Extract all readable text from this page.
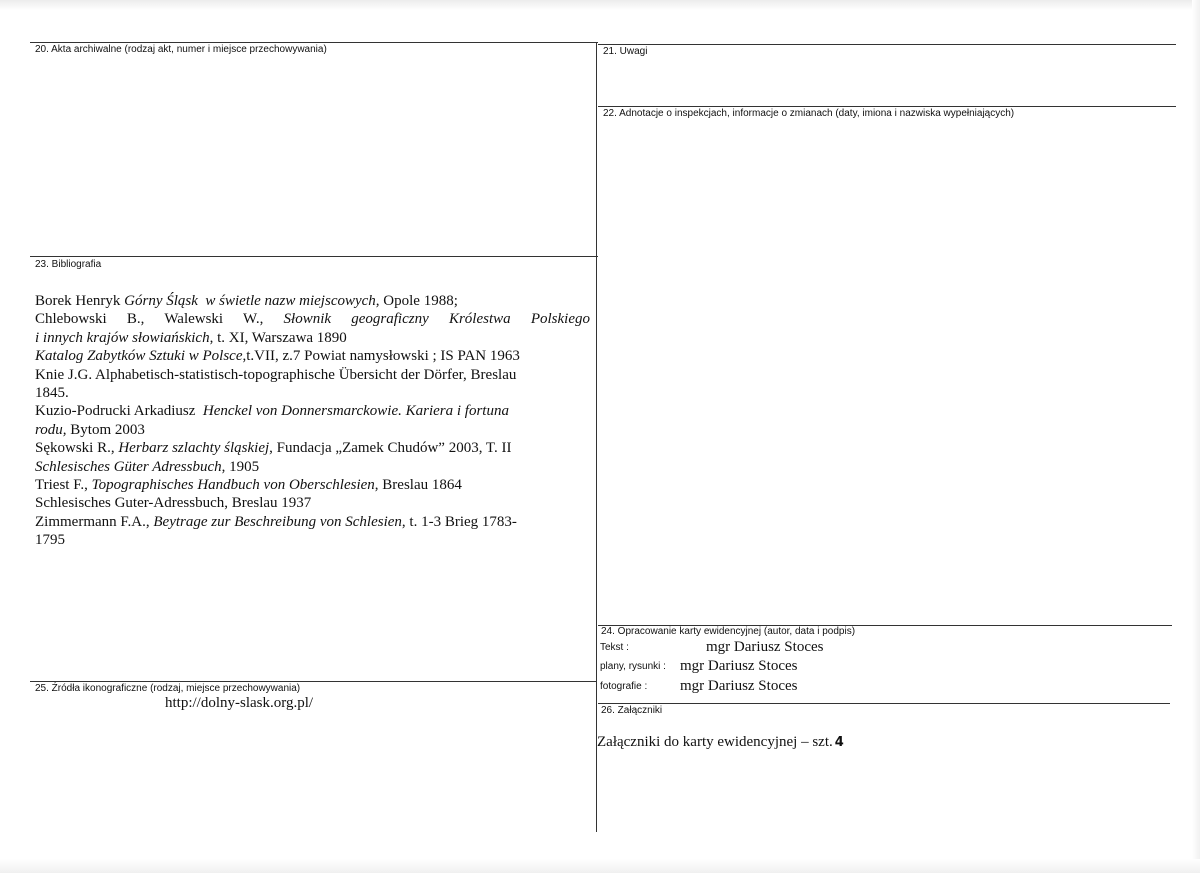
20. Akta archiwalne (rodzaj akt, numer i miejsce przechowywania)	21. Uwagi
22. Adnotacje o inspekcjach, informacje o zmianach (daty, imiona i nazwiska wypełniających)
23. Bibliografia
Borek Henryk Górny Śląsk  w świetle nazw miejscowych, Opole 1988;
Chlebowski B., Walewski W., Słownik geograficzny Królestwa Polskiego
i innych krajów słowiańskich, t. XI, Warszawa 1890
Katalog Zabytków Sztuki w Polsce,t.VII, z.7 Powiat namysłowski ; IS PAN 1963
Knie J.G. Alphabetisch-statistisch-topographische Übersicht der Dörfer, Breslau
1845.
Kuzio-Podrucki Arkadiusz  Henckel von Donnersmarckowie. Kariera i fortuna
rodu, Bytom 2003
Sękowski R., Herbarz szlachty śląskiej, Fundacja „Zamek Chudów” 2003, T. II
Schlesisches Güter Adressbuch, 1905
Triest F., Topographisches Handbuch von Oberschlesien, Breslau 1864
Schlesisches Guter-Adressbuch, Breslau 1937
Zimmermann F.A., Beytrage zur Beschreibung von Schlesien, t. 1-3 Brieg 1783-
1795
24. Opracowanie karty ewidencyjnej (autor, data i podpis)
Tekst :	mgr Dariusz Stoces
plany, rysunki : mgr Dariusz Stoces
fotografie : mgr Dariusz Stoces
25. Źródła ikonograficzne (rodzaj, miejsce przechowywania)
http://dolny-slask.org.pl/	26. Załączniki
Załączniki do karty ewidencyjnej – szt. 4
